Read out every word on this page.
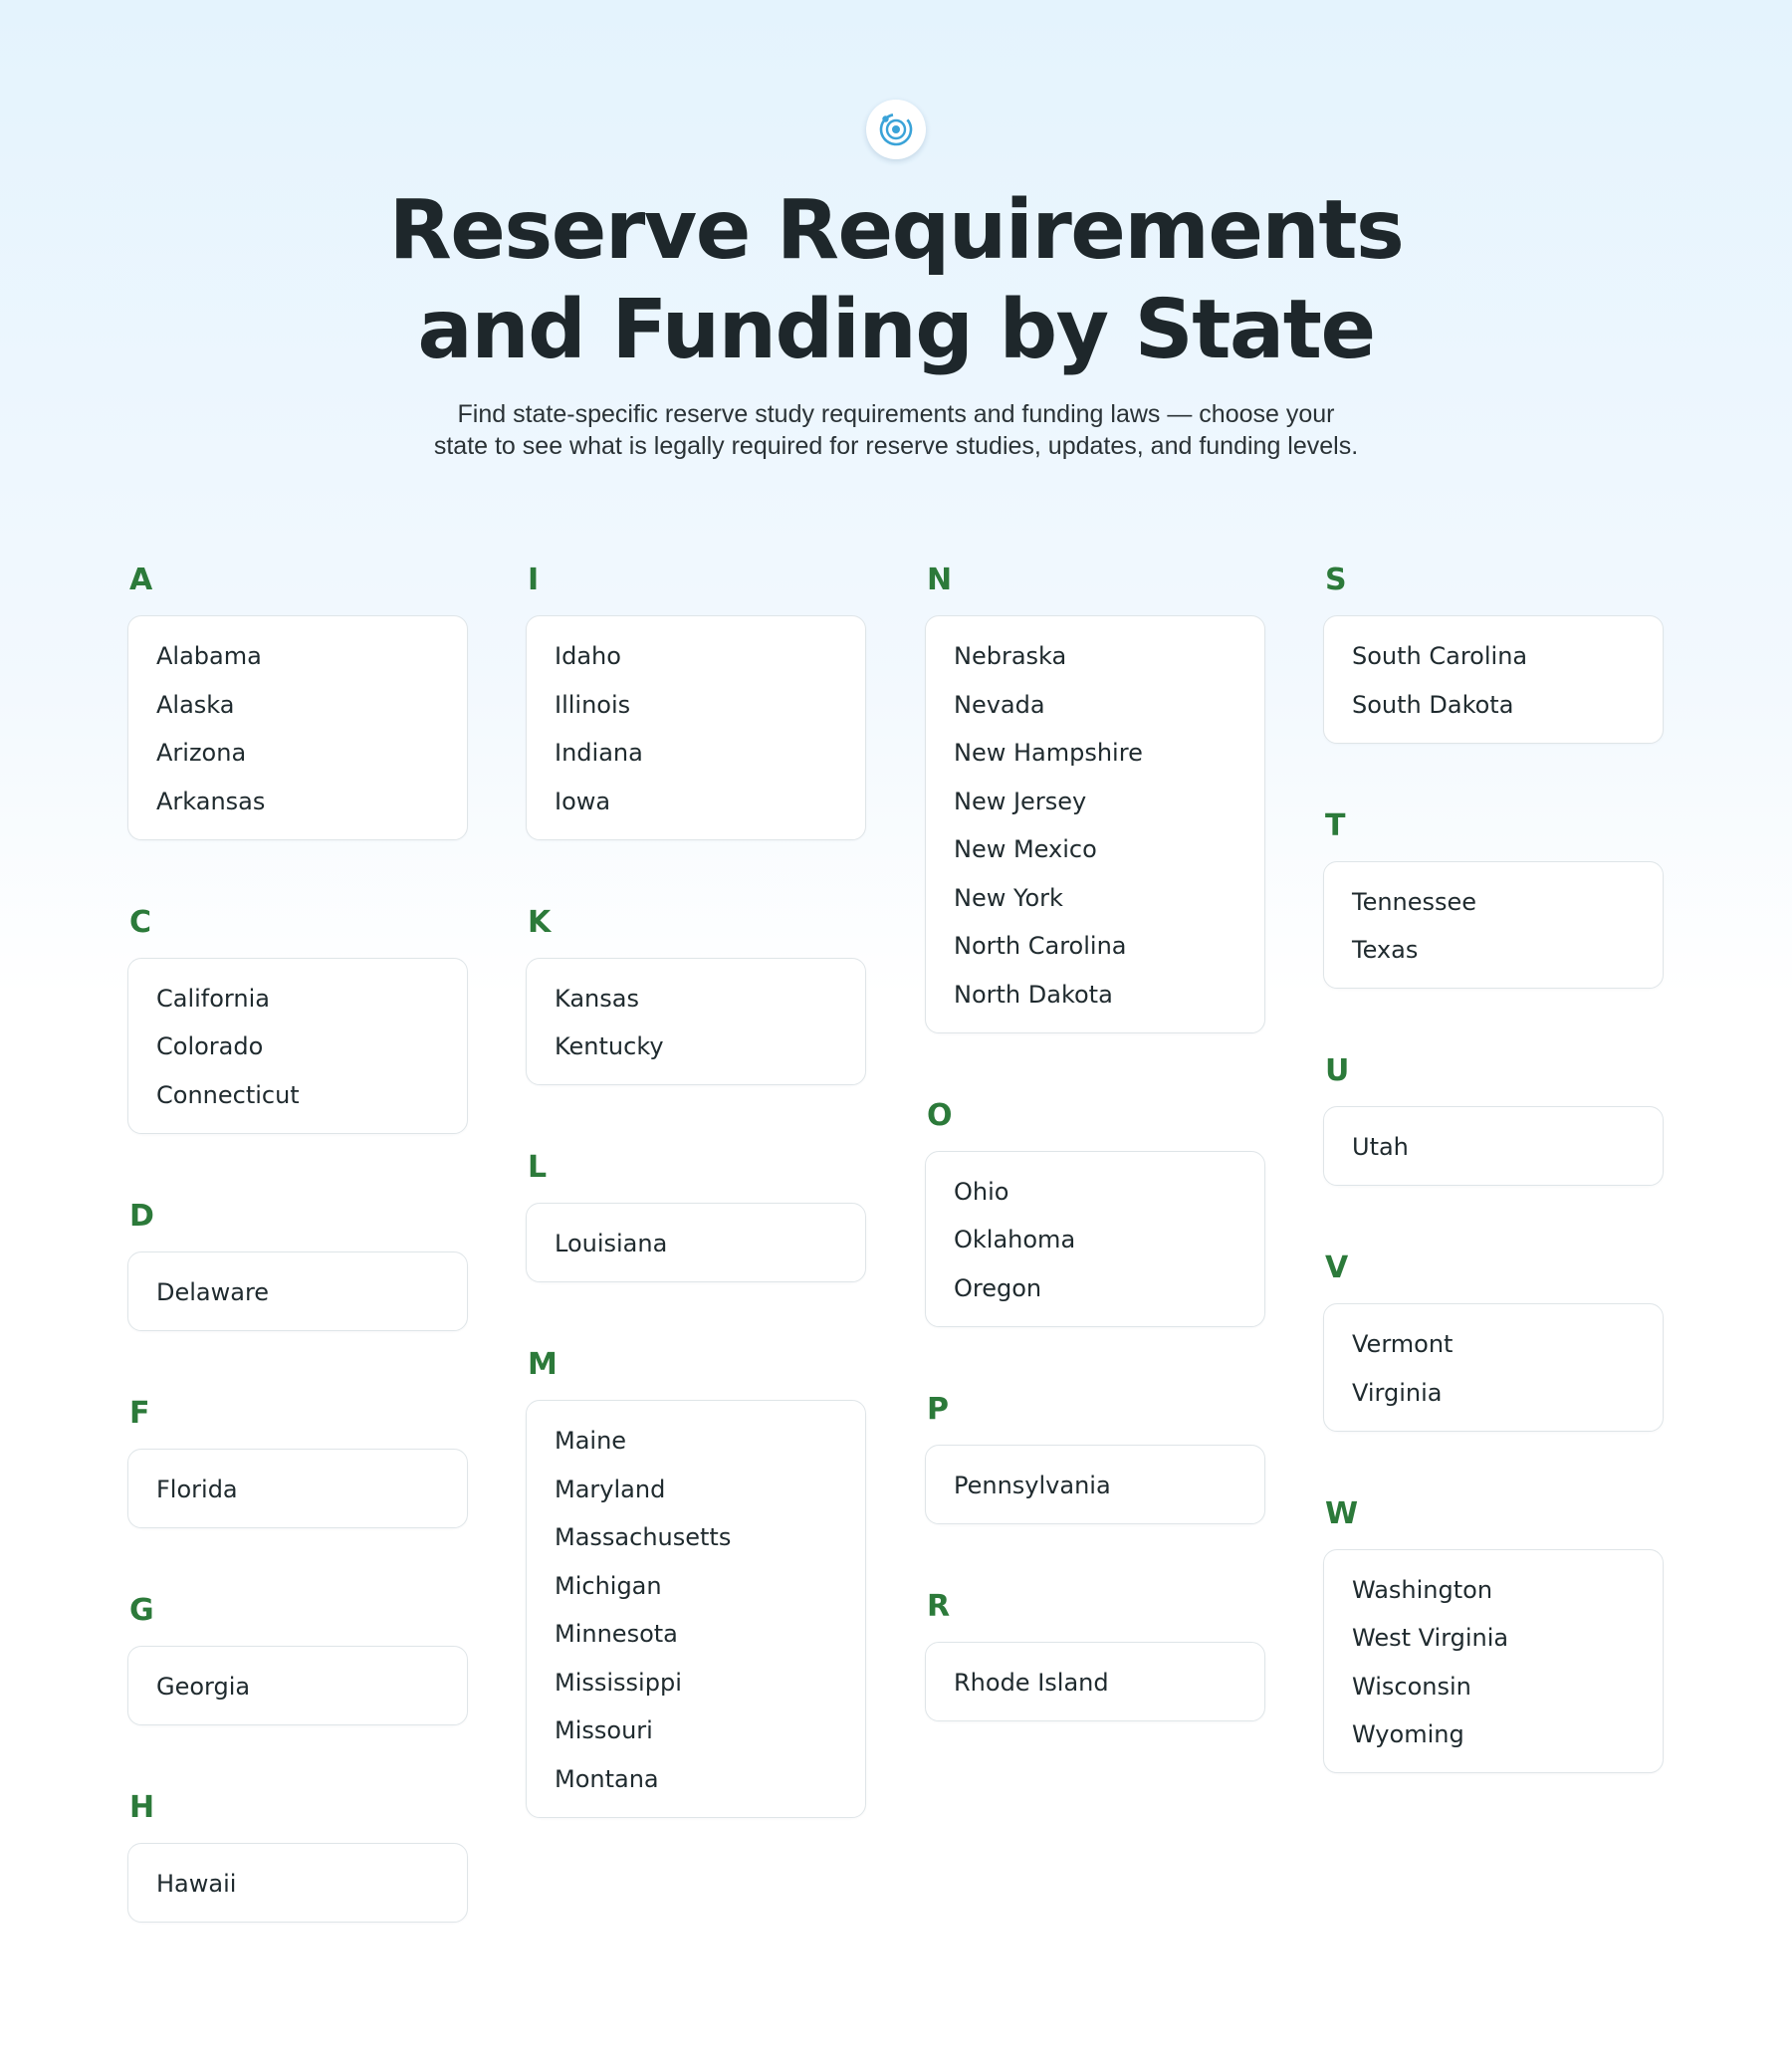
Reserve Requirements
and Funding by State

Find state-specific reserve study requirements and funding laws — choose your
state to see what is legally required for reserve studies, updates, and funding levels.

A
Alabama
Alaska
Arizona
Arkansas
C
California
Colorado
Connecticut
D
Delaware
F
Florida
G
Georgia
H
Hawaii
I
Idaho
Illinois
Indiana
Iowa
K
Kansas
Kentucky
L
Louisiana
M
Maine
Maryland
Massachusetts
Michigan
Minnesota
Mississippi
Missouri
Montana
N
Nebraska
Nevada
New Hampshire
New Jersey
New Mexico
New York
North Carolina
North Dakota
O
Ohio
Oklahoma
Oregon
P
Pennsylvania
R
Rhode Island
S
South Carolina
South Dakota
T
Tennessee
Texas
U
Utah
V
Vermont
Virginia
W
Washington
West Virginia
Wisconsin
Wyoming
